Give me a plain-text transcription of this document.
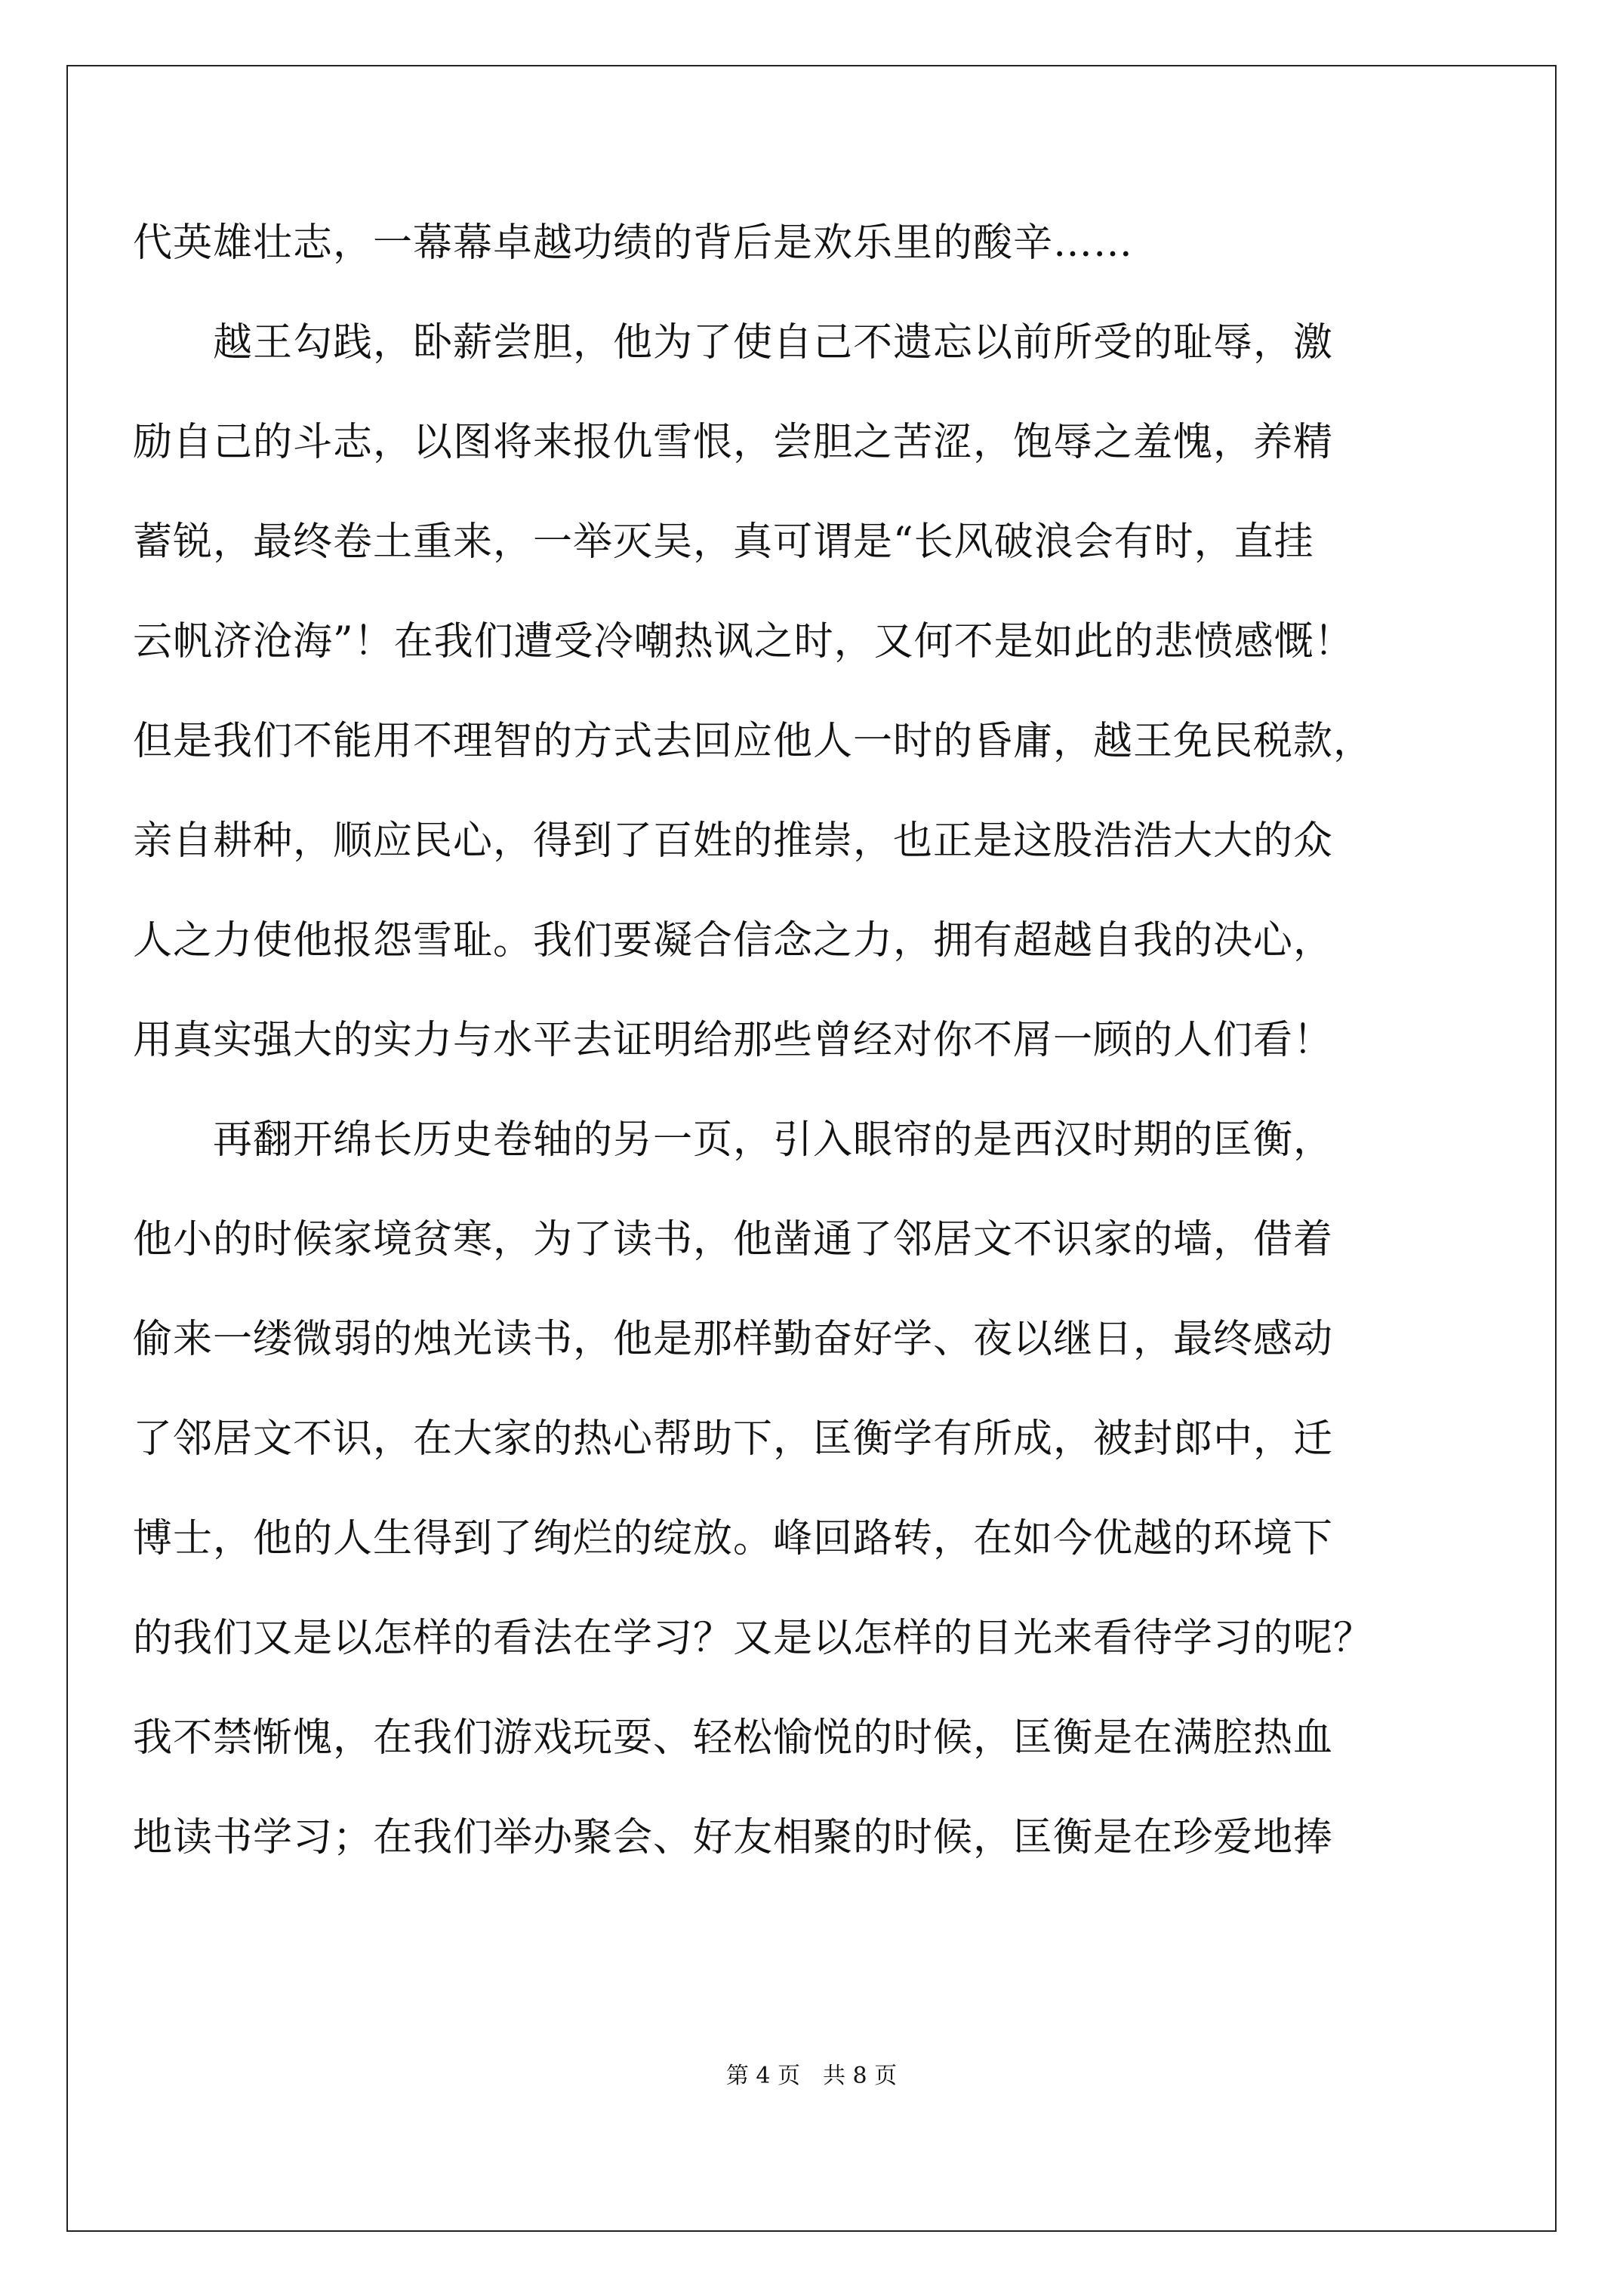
代英雄壮志，一幕幕卓越功绩的背后是欢乐里的酸辛……
越王勾践，卧薪尝胆，他为了使自己不遗忘以前所受的耻辱，激
励自己的斗志，以图将来报仇雪恨，尝胆之苦涩，饱辱之羞愧，养精
蓄锐，最终卷土重来，一举灭吴，真可谓是“长风破浪会有时，直挂
云帆济沧海”！在我们遭受冷嘲热讽之时，又何不是如此的悲愤感慨！
但是我们不能用不理智的方式去回应他人一时的昏庸，越王免民税款，
亲自耕种，顺应民心，得到了百姓的推崇，也正是这股浩浩大大的众
人之力使他报怨雪耻。我们要凝合信念之力，拥有超越自我的决心，
用真实强大的实力与水平去证明给那些曾经对你不屑一顾的人们看！
再翻开绵长历史卷轴的另一页，引入眼帘的是西汉时期的匡衡，
他小的时候家境贫寒，为了读书，他凿通了邻居文不识家的墙，借着
偷来一缕微弱的烛光读书，他是那样勤奋好学、夜以继日，最终感动
了邻居文不识，在大家的热心帮助下，匡衡学有所成，被封郎中，迁
博士，他的人生得到了绚烂的绽放。峰回路转，在如今优越的环境下
的我们又是以怎样的看法在学习？又是以怎样的目光来看待学习的呢？
我不禁惭愧，在我们游戏玩耍、轻松愉悦的时候，匡衡是在满腔热血
地读书学习；在我们举办聚会、好友相聚的时候，匡衡是在珍爱地捧
第 4 页　共 8 页
